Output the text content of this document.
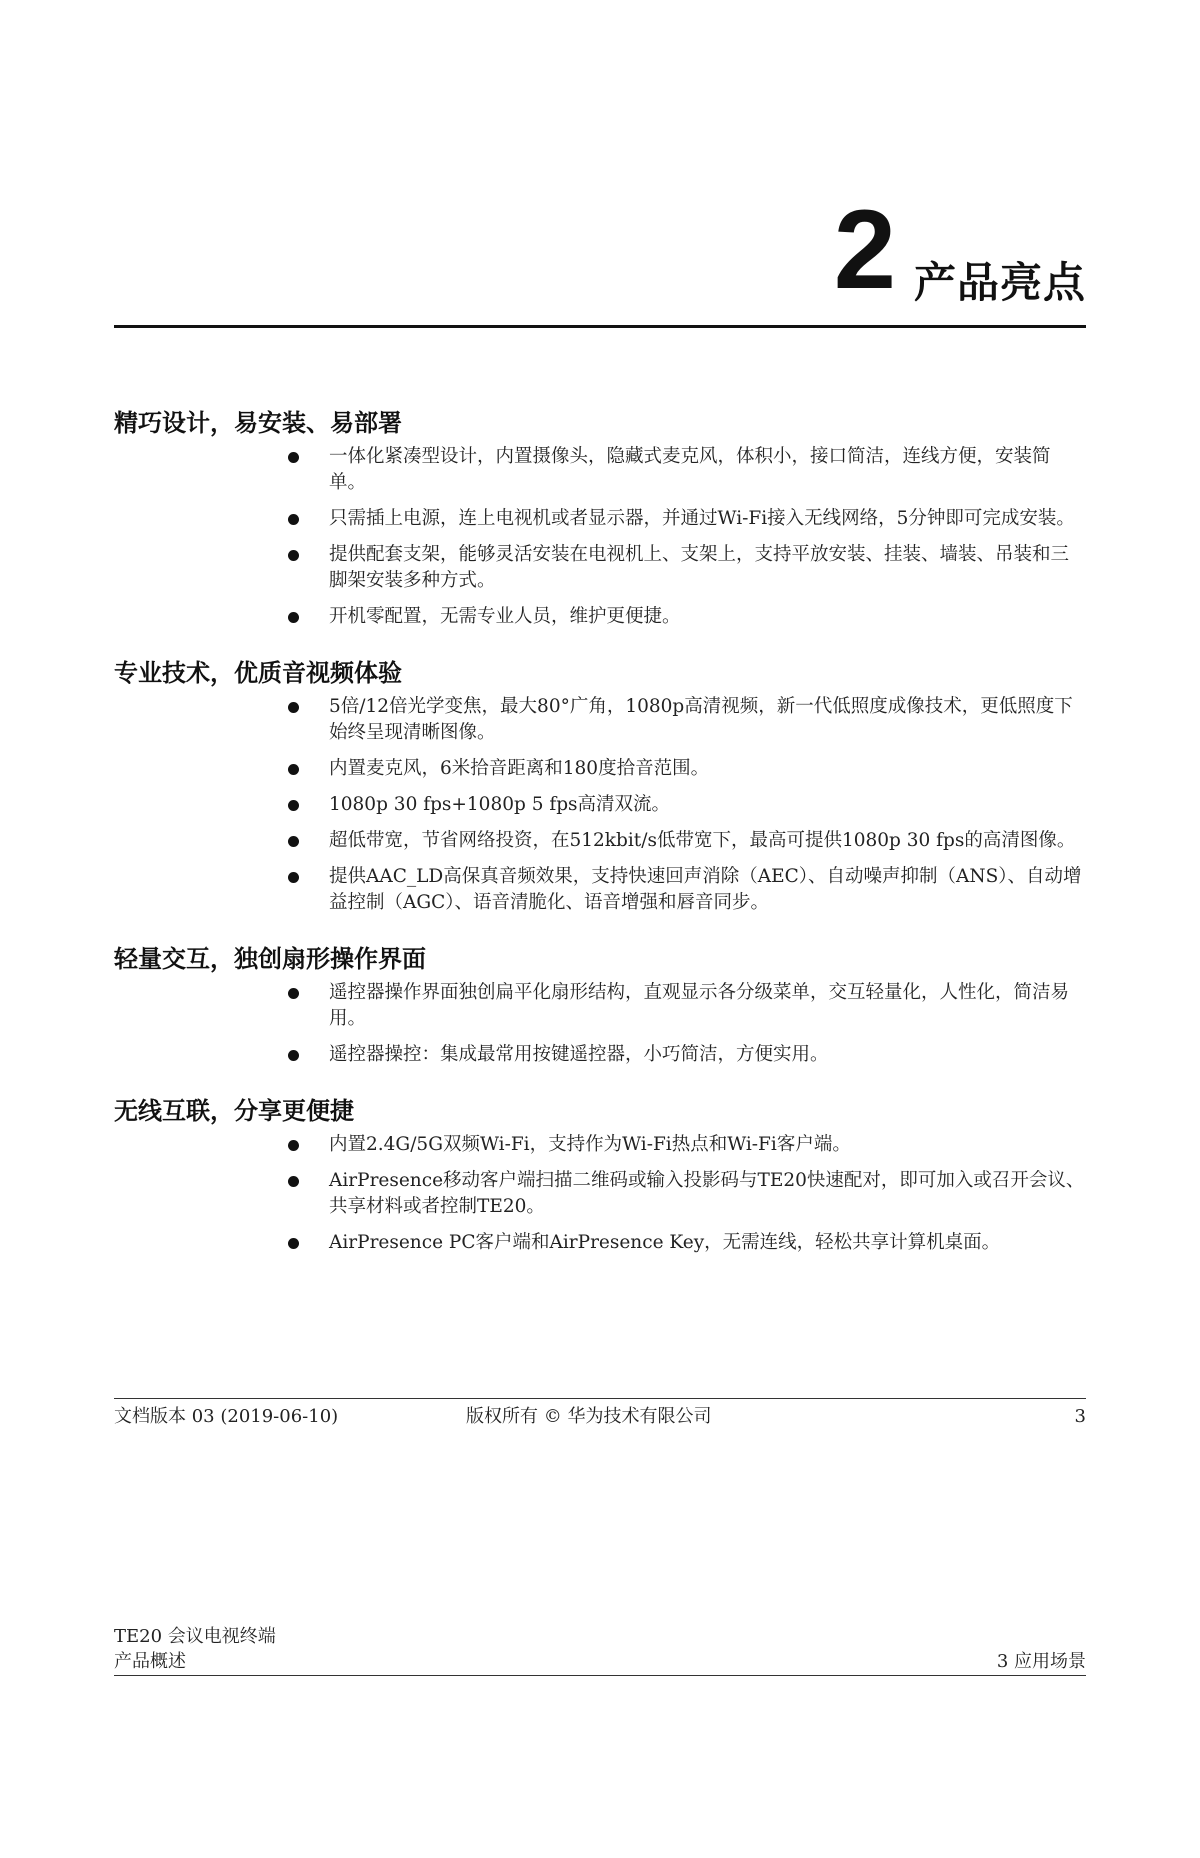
2 产品亮点
精巧设计，易安装、易部署
一体化紧凑型设计，内置摄像头，隐藏式麦克风，体积小，接口简洁，连线方便，安装简单。
只需插上电源，连上电视机或者显示器，并通过Wi-Fi接入无线网络，5分钟即可完成安装。
提供配套支架，能够灵活安装在电视机上、支架上，支持平放安装、挂装、墙装、吊装和三脚架安装多种方式。
开机零配置，无需专业人员，维护更便捷。
专业技术，优质音视频体验
5倍/12倍光学变焦，最大80°广角，1080p高清视频，新一代低照度成像技术，更低照度下始终呈现清晰图像。
内置麦克风，6米拾音距离和180度拾音范围。
1080p 30 fps+1080p 5 fps高清双流。
超低带宽，节省网络投资，在512kbit/s低带宽下，最高可提供1080p 30 fps的高清图像。
提供AAC_LD高保真音频效果，支持快速回声消除（AEC）、自动噪声抑制（ANS）、自动增益控制（AGC）、语音清脆化、语音增强和唇音同步。
轻量交互，独创扇形操作界面
遥控器操作界面独创扁平化扇形结构，直观显示各分级菜单，交互轻量化，人性化，简洁易用。
遥控器操控：集成最常用按键遥控器，小巧简洁，方便实用。
无线互联，分享更便捷
内置2.4G/5G双频Wi-Fi，支持作为Wi-Fi热点和Wi-Fi客户端。
AirPresence移动客户端扫描二维码或输入投影码与TE20快速配对，即可加入或召开会议、共享材料或者控制TE20。
AirPresence PC客户端和AirPresence Key，无需连线，轻松共享计算机桌面。
文档版本 03 (2019-06-10)	版权所有 © 华为技术有限公司	3
TE20 会议电视终端
产品概述	3 应用场景
